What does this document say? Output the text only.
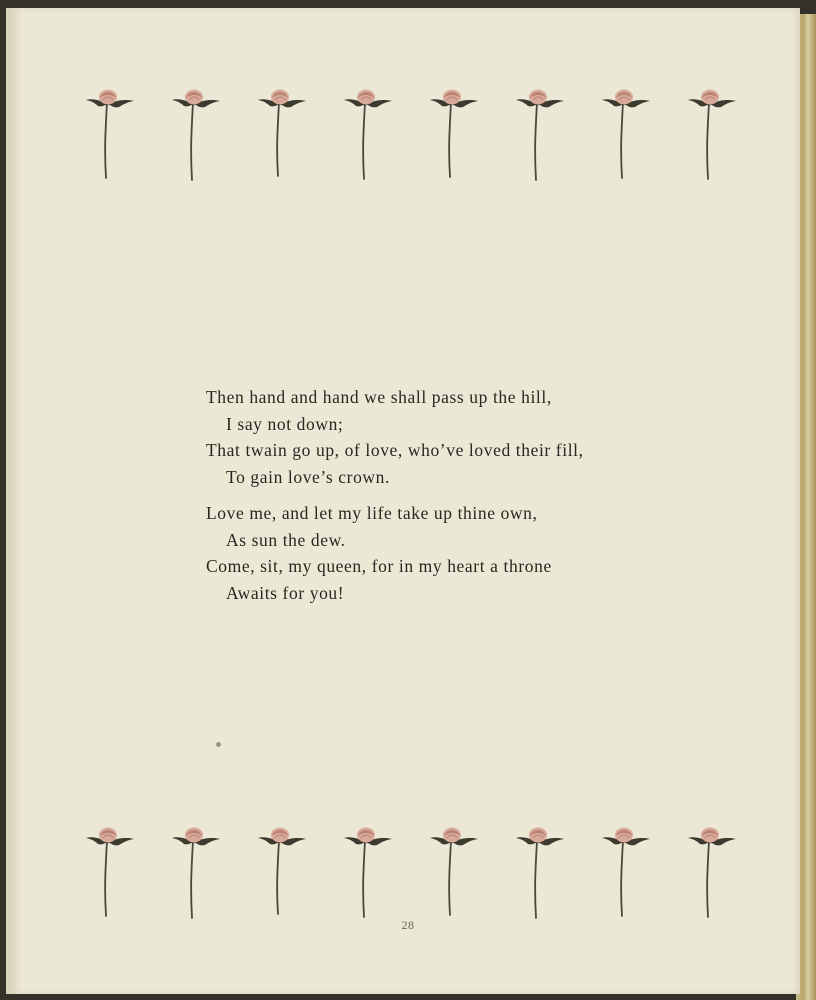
Then hand and hand we shall pass up the hill,
I say not down;
That twain go up, of love, who’ve loved their fill,
To gain love’s crown.
Love me, and let my life take up thine own,
As sun the dew.
Come, sit, my queen, for in my heart a throne
Awaits for you!
28
